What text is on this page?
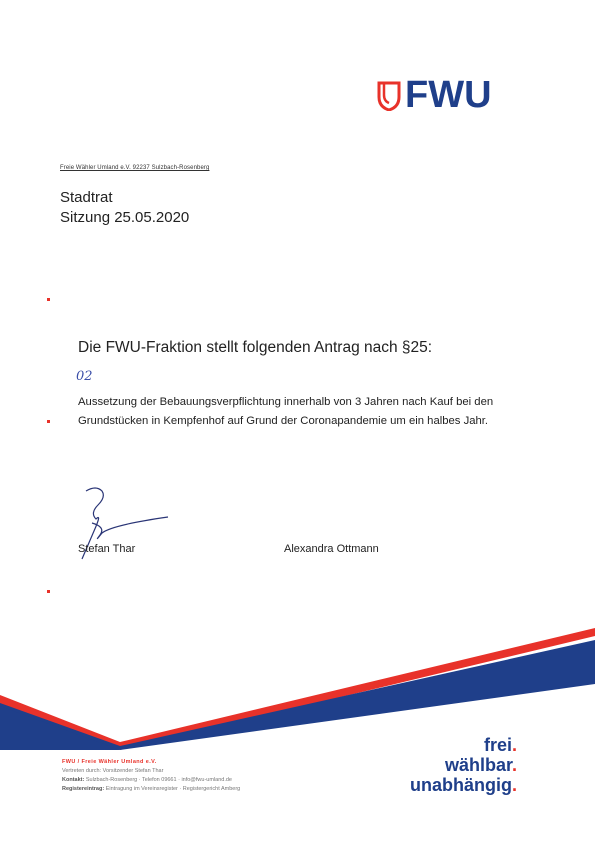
FWU
Freie Wähler Umland e.V. 92237 Sulzbach-Rosenberg
Stadtrat
Sitzung 25.05.2020
Die FWU-Fraktion stellt folgenden Antrag nach §25:
02
Aussetzung der Bebauungsverpflichtung innerhalb von 3 Jahren nach Kauf bei den Grundstücken in Kempfenhof auf Grund der Coronapandemie um ein halbes Jahr.
Stefan Thar	Alexandra Ottmann
FWU / Freie Wähler Umland e.V.
Vertreten durch: Vorsitzender Stefan Thar
Kontakt: Sulzbach-Rosenberg · Telefon 09661 · info@fwu-umland.de
Registereintrag: Eintragung im Vereinsregister · Registergericht Amberg
frei.
wählbar.
unabhängig.
